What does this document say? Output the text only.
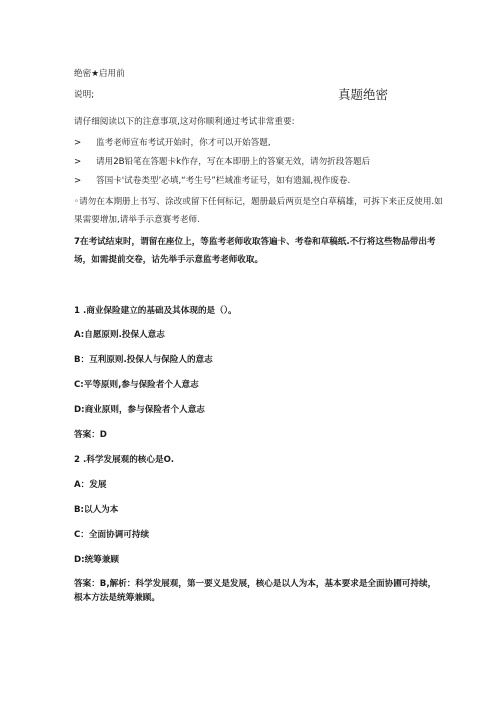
绝密★启用前
说明;	真题绝密
请仔细阅读以下的注意事项,这对你顺利通过考试非常重要:
> 监考老师宣布考试开始时，你才可以开始答题,
> 请用2B铅笔在答题卡k作存，写在本即册上的答窠无效，请勿折段答题后
> 答国卡'试卷类型’必填,“考生号”栏域准考证号，如有遗漏,视作废卷.
◦请勿在本期册上书写、涂改或留下任何标记，题册最后两页是空白草稿雄，可拆下来正反使用.如果需要增加,请举手示意赛考老师.
7在考试结束时，谓留在座位上，等监考老师收取答遍卡、考卷和草稿纸.不行将这些物品带出考场，如需提前交卷，诂先举手示意监考老师收取。
1 .商业保险建立的基础及其体现的是（）。
A:自愿原则.投保人意志
B：互利原则.投保人与保险人的意志
C:平等原则,参与保险者个人意志
D:商业原则，参与保险者个人意志
答案：D
2 .科学发展观的核心是O.
A：发展
B:以人为本
C：全面协调可持续
D:统筹兼顾
答案：B,解析：科学发展观，第一要义是发展，核心是以人为本，基本要求是全面协圃可持续，根本方法是统筹兼顾。
